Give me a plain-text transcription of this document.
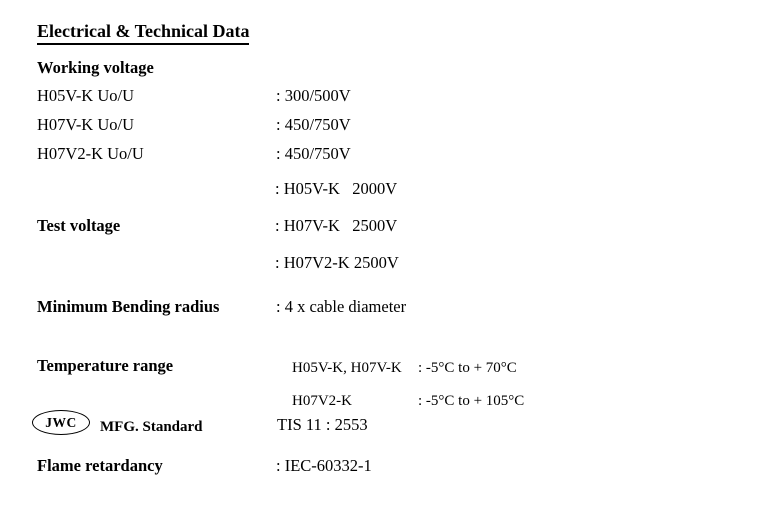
Electrical & Technical Data
Working voltage
H05V-K Uo/U	: 300/500V
H07V-K Uo/U	: 450/750V
H07V2-K Uo/U	: 450/750V
: H05V-K   2000V
Test voltage	: H07V-K   2500V
: H07V2-K 2500V
Minimum Bending radius	: 4 x cable diameter
Temperature range	H05V-K, H07V-K : -5°C to + 70°C

H07V2-K	: -5°C to + 105°C

JWC MFG. Standard	TIS 11 : 2553
Flame retardancy	: IEC-60332-1
